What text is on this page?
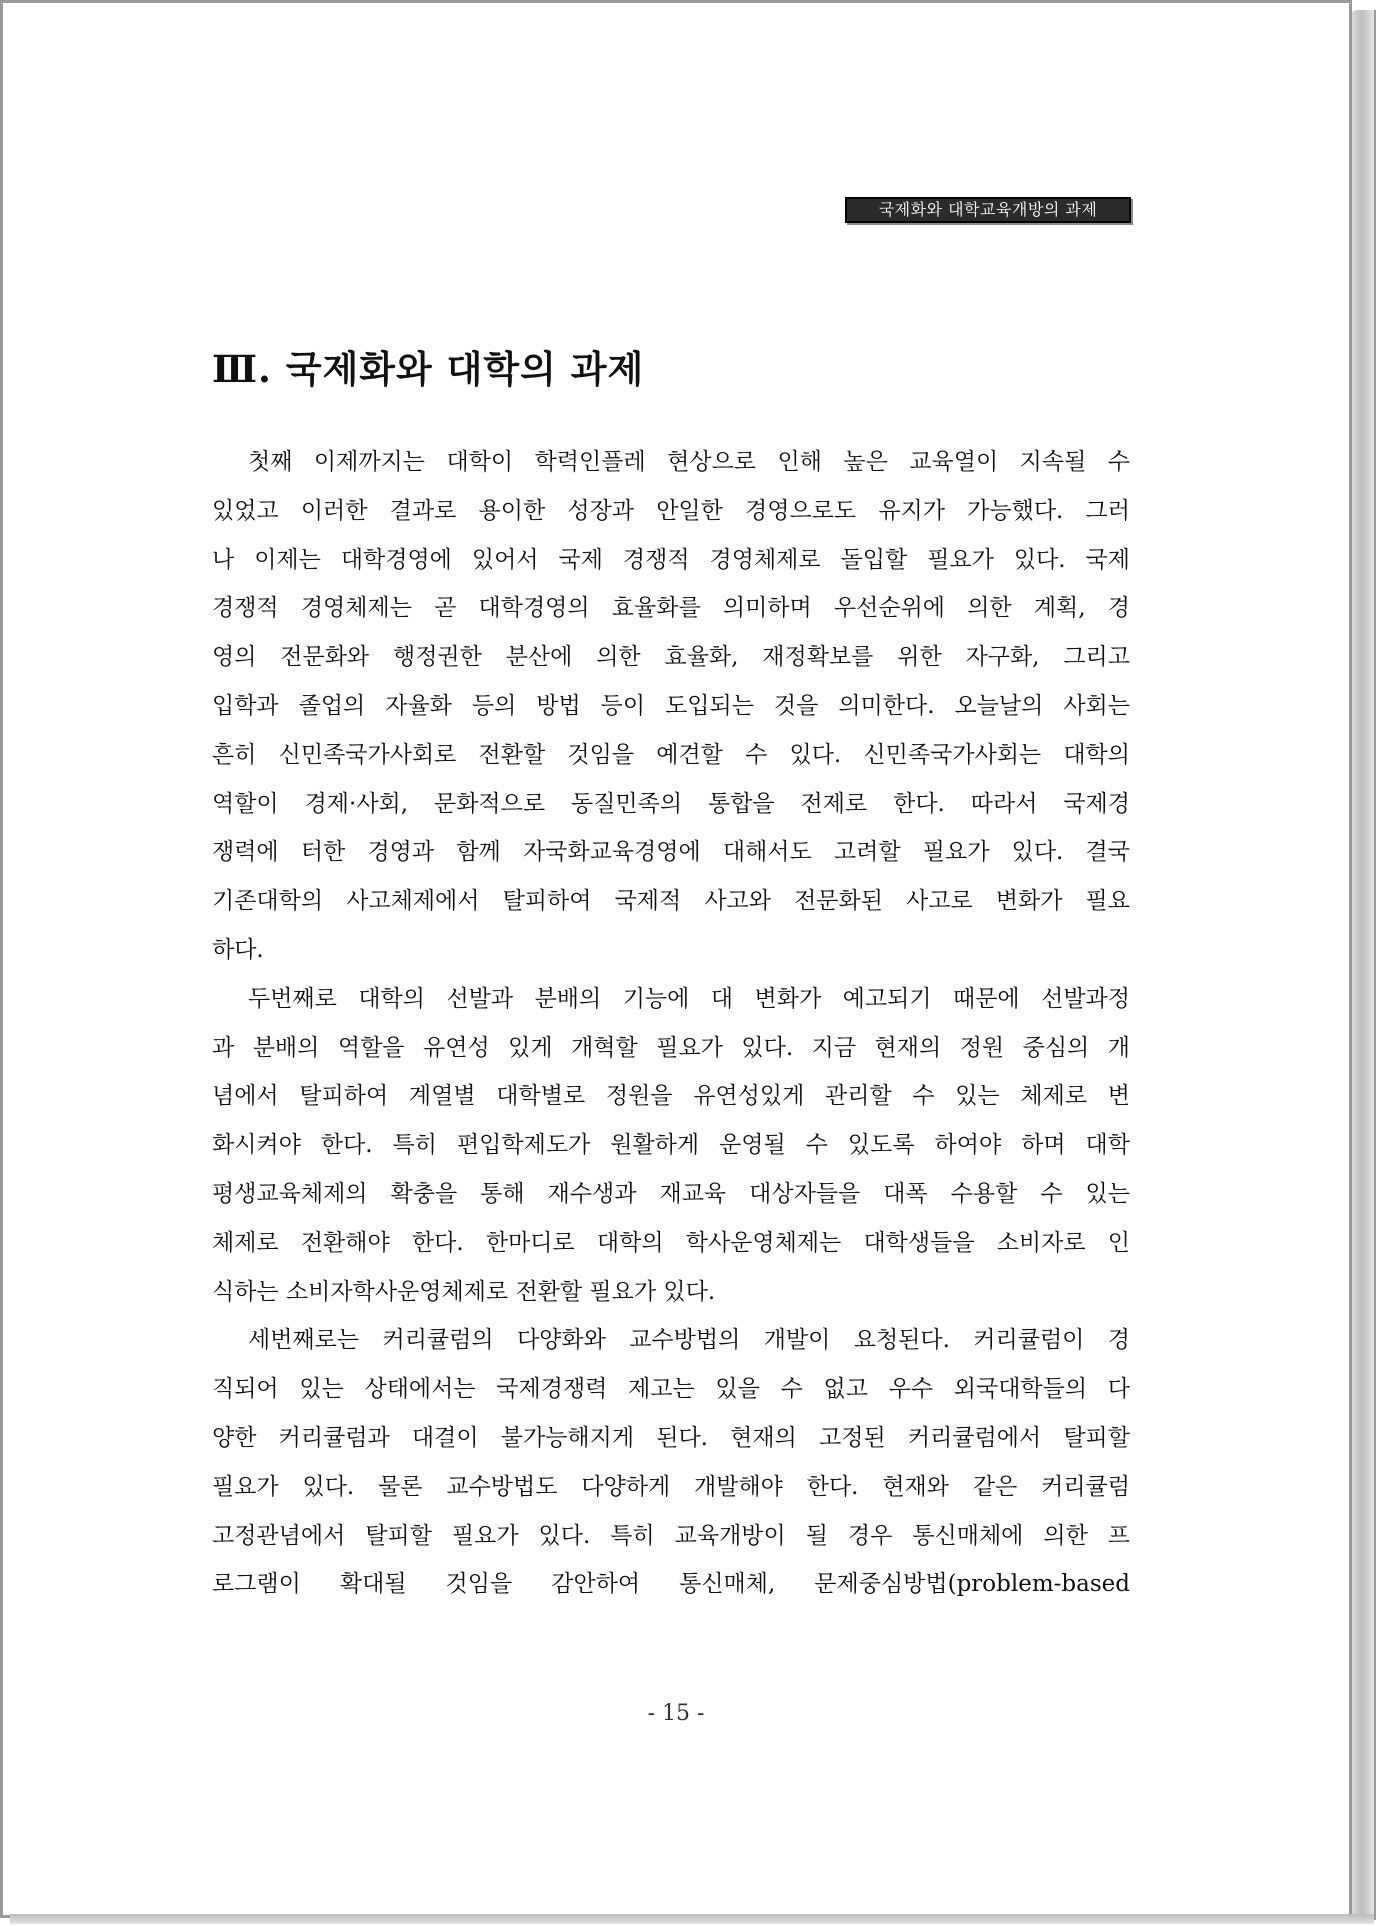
국제화와 대학교육개방의 과제
Ⅲ. 국제화와 대학의 과제
첫째 이제까지는 대학이 학력인플레 현상으로 인해 높은 교육열이 지속될 수
있었고 이러한 결과로 용이한 성장과 안일한 경영으로도 유지가 가능했다. 그러
나 이제는 대학경영에 있어서 국제 경쟁적 경영체제로 돌입할 필요가 있다. 국제
경쟁적 경영체제는 곧 대학경영의 효율화를 의미하며 우선순위에 의한 계획, 경
영의 전문화와 행정권한 분산에 의한 효율화, 재정확보를 위한 자구화, 그리고
입학과 졸업의 자율화 등의 방법 등이 도입되는 것을 의미한다. 오늘날의 사회는
흔히 신민족국가사회로 전환할 것임을 예견할 수 있다. 신민족국가사회는 대학의
역할이 경제·사회, 문화적으로 동질민족의 통합을 전제로 한다. 따라서 국제경
쟁력에 터한 경영과 함께 자국화교육경영에 대해서도 고려할 필요가 있다. 결국
기존대학의 사고체제에서 탈피하여 국제적 사고와 전문화된 사고로 변화가 필요
하다.
두번째로 대학의 선발과 분배의 기능에 대 변화가 예고되기 때문에 선발과정
과 분배의 역할을 유연성 있게 개혁할 필요가 있다. 지금 현재의 정원 중심의 개
념에서 탈피하여 계열별 대학별로 정원을 유연성있게 관리할 수 있는 체제로 변
화시켜야 한다. 특히 편입학제도가 원활하게 운영될 수 있도록 하여야 하며 대학
평생교육체제의 확충을 통해 재수생과 재교육 대상자들을 대폭 수용할 수 있는
체제로 전환해야 한다. 한마디로 대학의 학사운영체제는 대학생들을 소비자로 인
식하는 소비자학사운영체제로 전환할 필요가 있다.
세번째로는 커리큘럼의 다양화와 교수방법의 개발이 요청된다. 커리큘럼이 경
직되어 있는 상태에서는 국제경쟁력 제고는 있을 수 없고 우수 외국대학들의 다
양한 커리큘럼과 대결이 불가능해지게 된다. 현재의 고정된 커리큘럼에서 탈피할
필요가 있다. 물론 교수방법도 다양하게 개발해야 한다. 현재와 같은 커리큘럼
고정관념에서 탈피할 필요가 있다. 특히 교육개방이 될 경우 통신매체에 의한 프
로그램이 확대될 것임을 감안하여 통신매체, 문제중심방법(problem-based
- 15 -
